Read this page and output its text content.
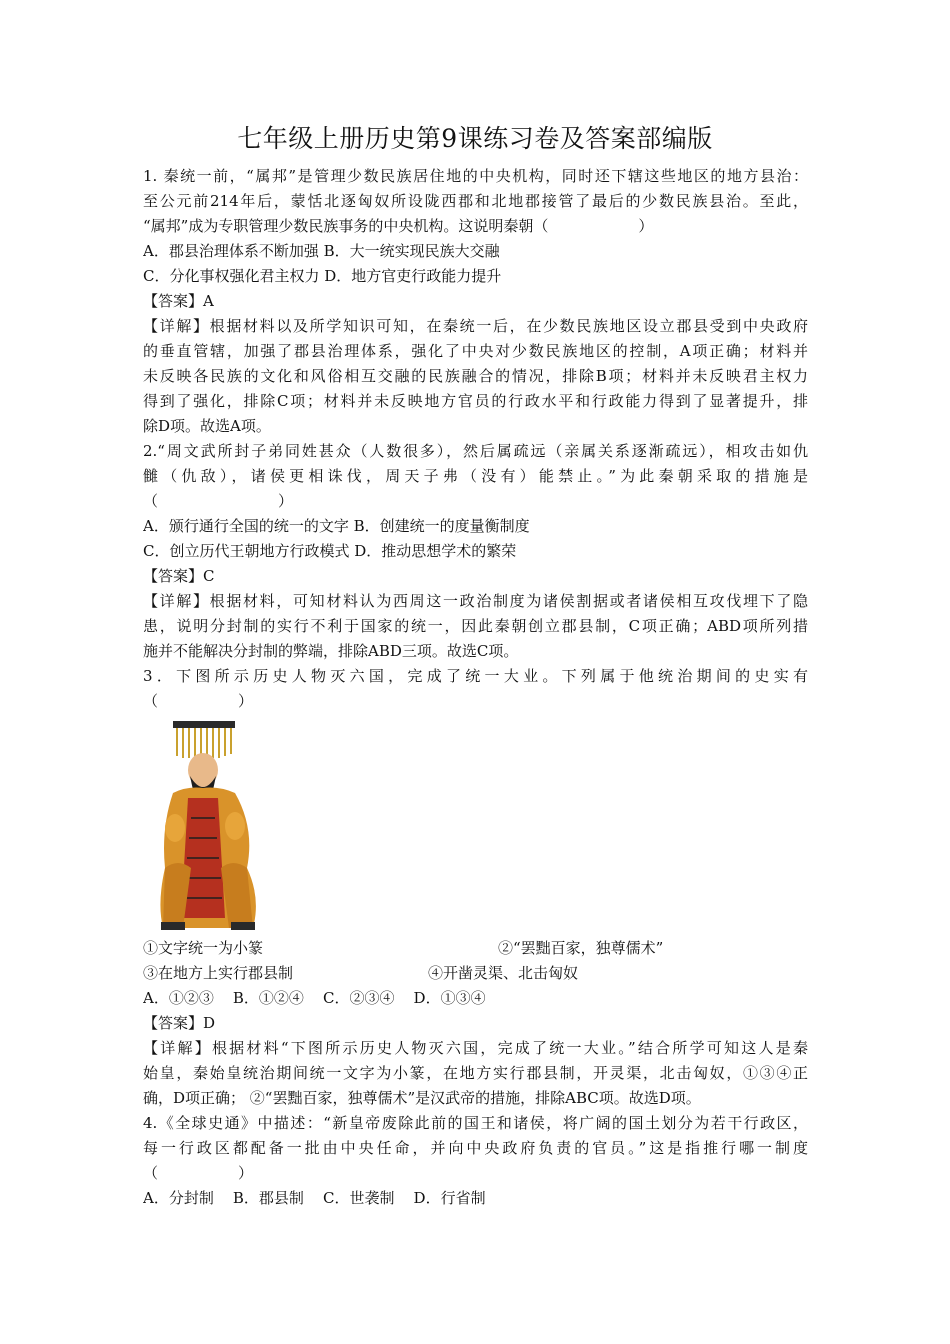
七年级上册历史第9课练习卷及答案部编版
1. 秦统一前，“属邦”是管理少数民族居住地的中央机构，同时还下辖这些地区的地方县治：
至公元前214年后，蒙恬北逐匈奴所设陇西郡和北地郡接管了最后的少数民族县治。至此，
“属邦”成为专职管理少数民族事务的中央机构。这说明秦朝（	）
A．郡县治理体系不断加强 B．大一统实现民族大交融
C．分化事权强化君主权力 D．地方官吏行政能力提升
【答案】A
【详解】根据材料以及所学知识可知，在秦统一后，在少数民族地区设立郡县受到中央政府
的垂直管辖，加强了郡县治理体系，强化了中央对少数民族地区的控制，A项正确；材料并
未反映各民族的文化和风俗相互交融的民族融合的情况，排除B项；材料并未反映君主权力
得到了强化，排除C项；材料并未反映地方官员的行政水平和行政能力得到了显著提升，排
除D项。故选A项。
2.“周文武所封子弟同姓甚众（人数很多），然后属疏远（亲属关系逐渐疏远），相攻击如仇
雠（仇敌），诸侯更相诛伐，周天子弗（没有）能禁止。”为此秦朝采取的措施是
（	）
A．颁行通行全国的统一的文字 B．创建统一的度量衡制度
C．创立历代王朝地方行政模式 D．推动思想学术的繁荣
【答案】C
【详解】根据材料，可知材料认为西周这一政治制度为诸侯割据或者诸侯相互攻伐埋下了隐
患，说明分封制的实行不利于国家的统一，因此秦朝创立郡县制，C项正确；ABD项所列措
施并不能解决分封制的弊端，排除ABD三项。故选C项。
3．下图所示历史人物灭六国，完成了统一大业。下列属于他统治期间的史实有
（	）
①文字统一为小篆	②“罢黜百家，独尊儒术”
③在地方上实行郡县制	④开凿灵渠、北击匈奴
A．①②③    B．①②④    C．②③④    D．①③④
【答案】D
【详解】根据材料“下图所示历史人物灭六国，完成了统一大业。”结合所学可知这人是秦
始皇，秦始皇统治期间统一文字为小篆，在地方实行郡县制，开灵渠，北击匈奴，①③④正
确，D项正确； ②“罢黜百家，独尊儒术”是汉武帝的措施，排除ABC项。故选D项。
4.《全球史通》中描述：“新皇帝废除此前的国王和诸侯，将广阔的国土划分为若干行政区，
每一行政区都配备一批由中央任命，并向中央政府负责的官员。”这是指推行哪一制度
（	）
A．分封制    B．郡县制    C．世袭制    D．行省制
